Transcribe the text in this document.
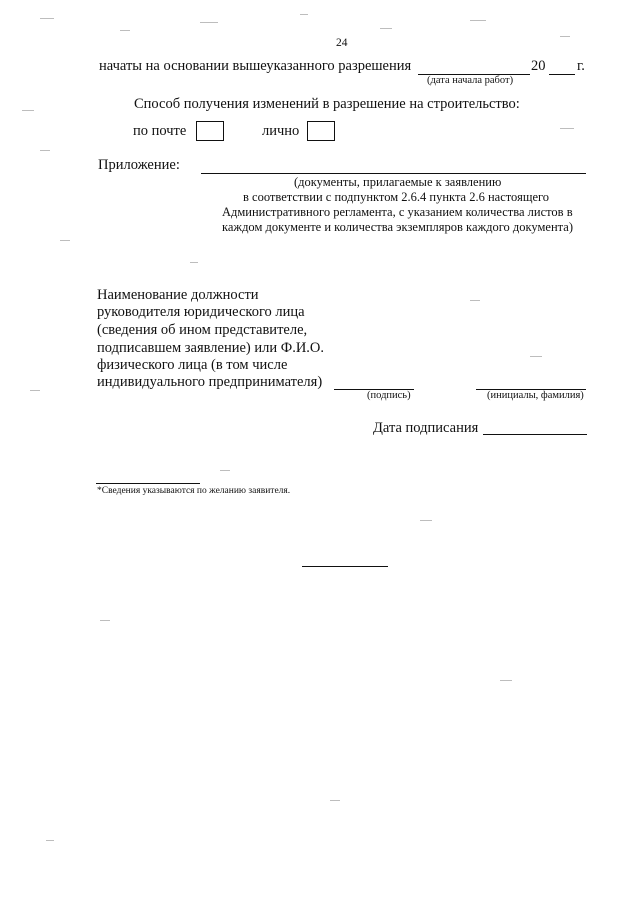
24
начаты на основании вышеуказанного разрешения	20 г.
(дата начала работ)
Способ получения изменений в разрешение на строительство:
по почте	лично
Приложение:
(документы, прилагаемые к заявлению
в соответствии с подпунктом 2.6.4 пункта 2.6 настоящего
Административного регламента, с указанием количества листов в
каждом документе и количества экземпляров каждого документа)
Наименование должности
руководителя юридического лица
(сведения об ином представителе,
подписавшем заявление) или Ф.И.О.
физического лица (в том числе
индивидуального предпринимателя)
(подпись)	(инициалы, фамилия)
Дата подписания
*Сведения указываются по желанию заявителя.
